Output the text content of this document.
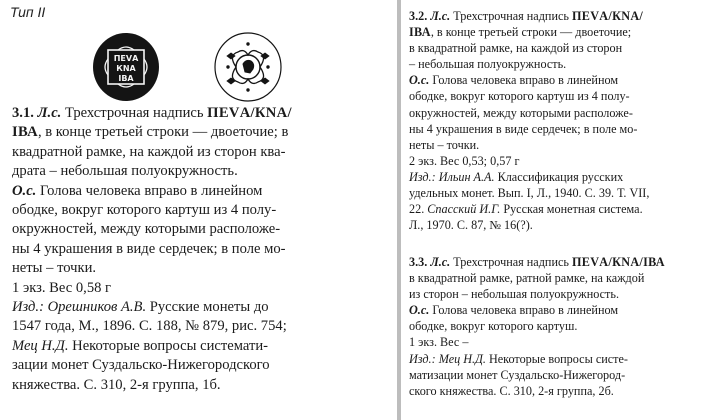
Тип II
ПЕVА
КNА
IВА
3.1. Л.с. Трехстрочная надпись ПЕVА/КNА/
IВА, в конце третьей строки — двоеточие; в
квадратной рамке, на каждой из сторон ква-
драта – небольшая полуокружность.
О.с. Голова человека вправо в линейном
ободке, вокруг которого картуш из 4 полу-
окружностей, между которыми расположе-
ны 4 украшения в виде сердечек; в поле мо-
неты – точки.
1 экз. Вес 0,58 г
Изд.: Орешников А.В. Русские монеты до
1547 года, М., 1896. С. 188, № 879, рис. 754;
Мец Н.Д. Некоторые вопросы системати-
зации монет Суздальско-Нижегородского
княжества. С. 310, 2-я группа, 1б.
3.2. Л.с. Трехстрочная надпись ПЕVА/КNА/
IВА, в конце третьей строки — двоеточие;
в квадратной рамке, на каждой из сторон
– небольшая полуокружность.
О.с. Голова человека вправо в линейном
ободке, вокруг которого картуш из 4 полу-
окружностей, между которыми расположе-
ны 4 украшения в виде сердечек; в поле мо-
неты – точки.
2 экз. Вес 0,53; 0,57 г
Изд.: Ильин А.А. Классификация русских
удельных монет. Вып. I, Л., 1940. С. 39. Т. VII,
22. Спасский И.Г. Русская монетная система.
Л., 1970. С. 87, № 16(?).
3.3. Л.с. Трехстрочная надпись ПЕVА/КNА/IВА
в квадратной рамке, ратной рамке, на каждой
из сторон – небольшая полуокружность.
О.с. Голова человека вправо в линейном
ободке, вокруг которого картуш.
1 экз. Вес –
Изд.: Мец Н.Д. Некоторые вопросы систе-
матизации монет Суздальско-Нижегород-
ского княжества. С. 310, 2-я группа, 2б.
